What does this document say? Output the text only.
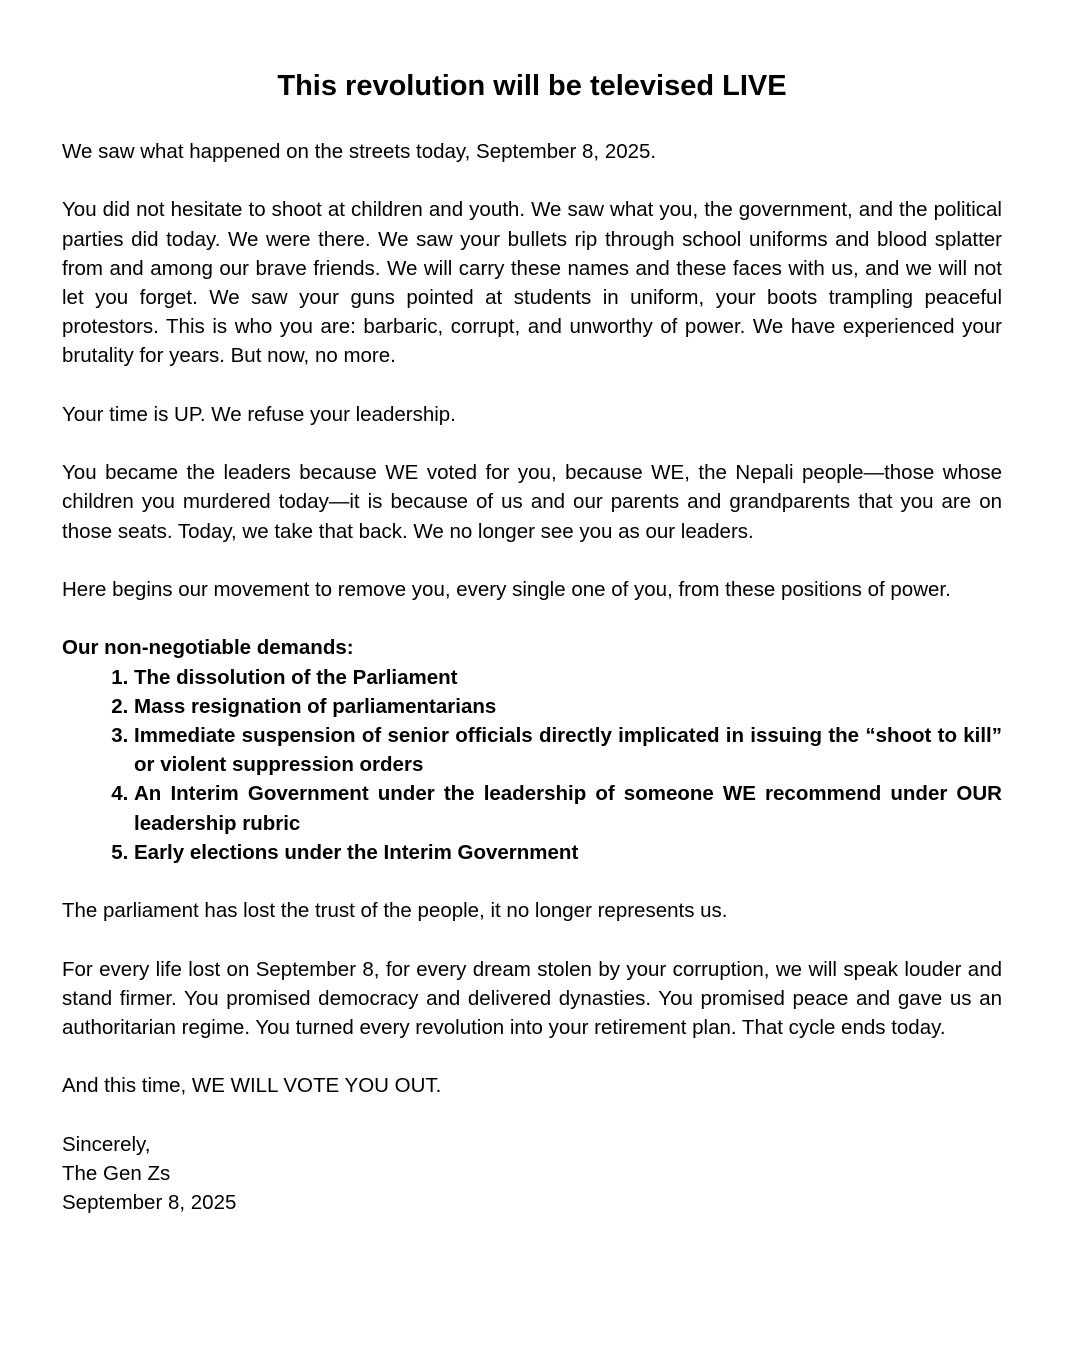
This revolution will be televised LIVE

We saw what happened on the streets today, September 8, 2025.

You did not hesitate to shoot at children and youth. We saw what you, the government, and the political parties did today. We were there. We saw your bullets rip through school uniforms and blood splatter from and among our brave friends. We will carry these names and these faces with us, and we will not let you forget. We saw your guns pointed at students in uniform, your boots trampling peaceful protestors. This is who you are: barbaric, corrupt, and unworthy of power. We have experienced your brutality for years. But now, no more.

Your time is UP. We refuse your leadership.

You became the leaders because WE voted for you, because WE, the Nepali people—those whose children you murdered today—it is because of us and our parents and grandparents that you are on those seats. Today, we take that back. We no longer see you as our leaders.

Here begins our movement to remove you, every single one of you, from these positions of power.

Our non-negotiable demands:
1. The dissolution of the Parliament
2. Mass resignation of parliamentarians
3. Immediate suspension of senior officials directly implicated in issuing the “shoot to kill” or violent suppression orders
4. An Interim Government under the leadership of someone WE recommend under OUR leadership rubric
5. Early elections under the Interim Government

The parliament has lost the trust of the people, it no longer represents us.

For every life lost on September 8, for every dream stolen by your corruption, we will speak louder and stand firmer. You promised democracy and delivered dynasties. You promised peace and gave us an authoritarian regime. You turned every revolution into your retirement plan. That cycle ends today.

And this time, WE WILL VOTE YOU OUT.

Sincerely,

The Gen Zs

September 8, 2025
